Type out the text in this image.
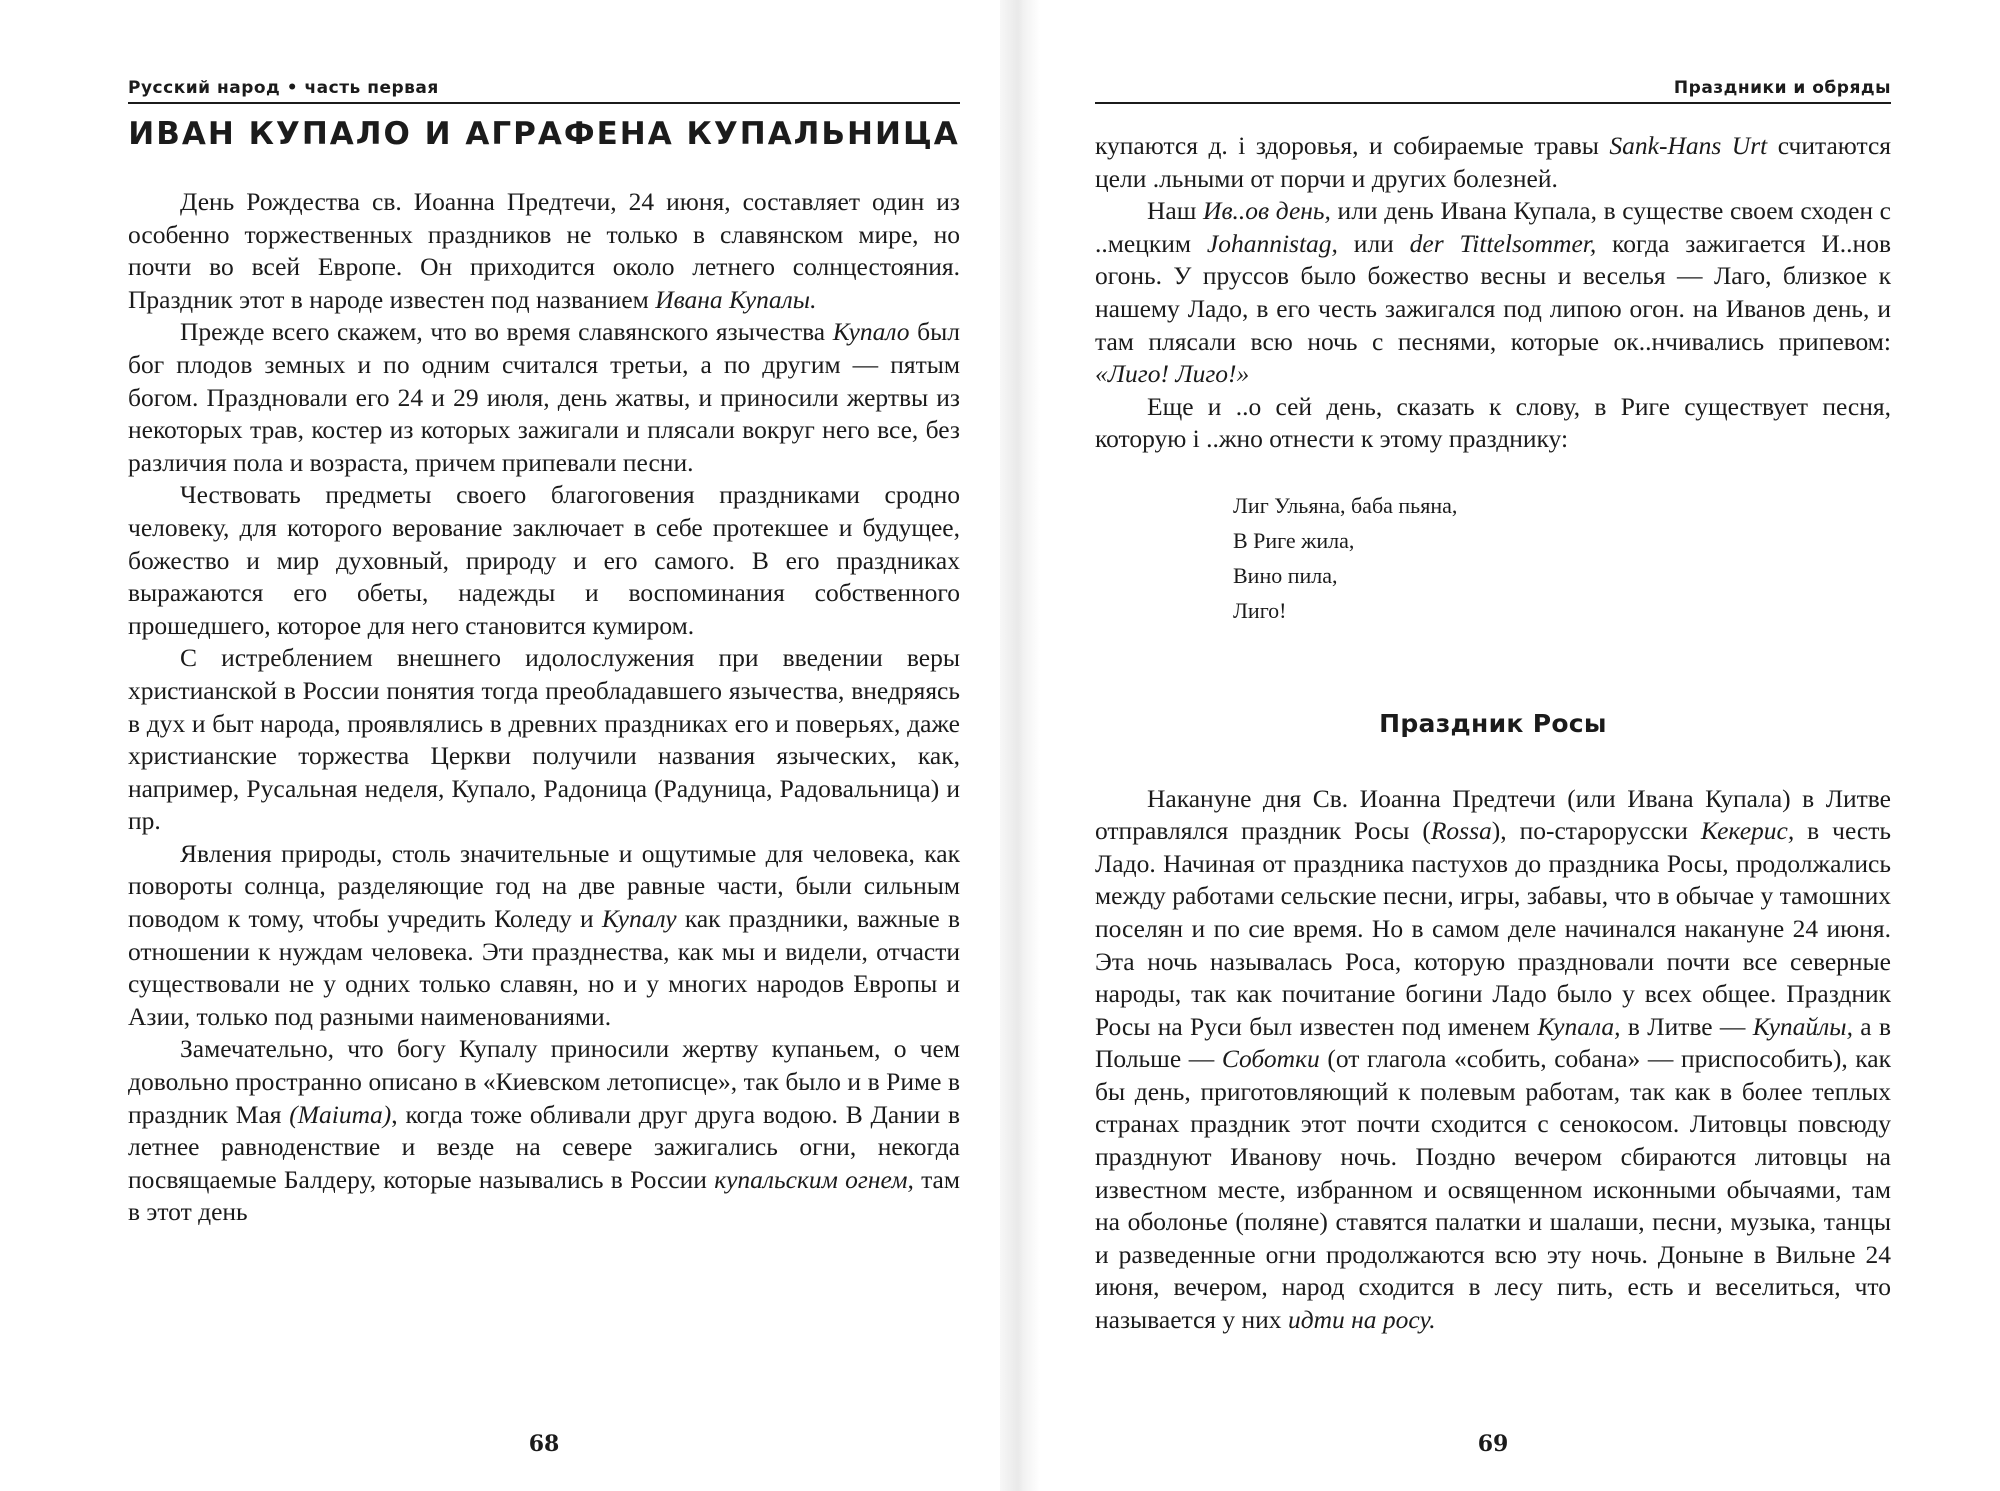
Русский народ • часть первая
ИВАН КУПАЛО И АГРАФЕНА КУПАЛЬНИЦА

День Рождества св. Иоанна Предтечи, 24 июня, составляет один из особенно торжественных праздников не только в славянском мире, но почти во всей Европе. Он приходится около летнего солнцестояния. Праздник этот в народе известен под названием Ивана Купалы.

Прежде всего скажем, что во время славянского язычества Купало был бог плодов земных и по одним считался третьи, а по другим — пятым богом. Праздновали его 24 и 29 июля, день жатвы, и приносили жертвы из некоторых трав, костер из которых зажигали и плясали вокруг него все, без различия пола и возраста, причем припевали песни.

Чествовать предметы своего благоговения праздниками сродно человеку, для которого верование заключает в себе протекшее и будущее, божество и мир духовный, природу и его самого. В его праздниках выражаются его обеты, надежды и воспоминания собственного прошедшего, которое для него становится кумиром.

С истреблением внешнего идолослужения при введении веры христианской в России понятия тогда преобладавшего язычества, внедряясь в дух и быт народа, проявлялись в древних праздниках его и поверьях, даже христианские торжества Церкви получили названия языческих, как, например, Русальная неделя, Купало, Радоница (Радуница, Радовальница) и пр.

Явления природы, столь значительные и ощутимые для человека, как повороты солнца, разделяющие год на две равные части, были сильным поводом к тому, чтобы учредить Коледу и Купалу как праздники, важные в отношении к нуждам человека. Эти празднества, как мы и видели, отчасти существовали не у одних только славян, но и у многих народов Европы и Азии, только под разными наименованиями.

Замечательно, что богу Купалу приносили жертву купаньем, о чем довольно пространно описано в «Киевском летописце», так было и в Риме в праздник Мая (Maiuma), когда тоже обливали друг друга водою. В Дании в летнее равноденствие и везде на севере зажигались огни, некогда посвящаемые Балдеру, которые назывались в России купальским огнем, там в этот день

68
Праздники и обряды

купаются д. і здоровья, и собираемые травы Sank-Hans Urt считаются цели .льными от порчи и других болезней.

Наш Ив..ов день, или день Ивана Купала, в существе своем сходен с ..мецким Johannistag, или der Tittelsommer, когда зажигается И..нов огонь. У пруссов было божество весны и веселья — Лаго, близкое к нашему Ладо, в его честь зажигался под липою огон. на Иванов день, и там плясали всю ночь с песнями, которые ок..нчивались припевом: «Лиго! Лиго!»

Еще и ..о сей день, сказать к слову, в Риге существует песня, которую і ..жно отнести к этому празднику:

Лиг Ульяна, баба пьяна,
В Риге жила,
Вино пила,
Лиго!
Праздник Росы

Накануне дня Св. Иоанна Предтечи (или Ивана Купала) в Литве отправлялся праздник Росы (Rossa), по-старорусски Кекерис, в честь Ладо. Начиная от праздника пастухов до праздника Росы, продолжались между работами сельские песни, игры, забавы, что в обычае у тамошних поселян и по сие время. Но в самом деле начинался накануне 24 июня. Эта ночь называлась Роса, которую праздновали почти все северные народы, так как почитание богини Ладо было у всех общее. Праздник Росы на Руси был известен под именем Купала, в Литве — Купайлы, а в Польше — Соботки (от глагола «собить, собана» — приспособить), как бы день, приготовляющий к полевым работам, так как в более теплых странах праздник этот почти сходится с сенокосом. Литовцы повсюду празднуют Иванову ночь. Поздно вечером сбираются литовцы на известном месте, избранном и освященном исконными обычаями, там на оболонье (поляне) ставятся палатки и шалаши, песни, музыка, танцы и разведенные огни продолжаются всю эту ночь. Доныне в Вильне 24 июня, вечером, народ сходится в лесу пить, есть и веселиться, что называется у них идти на росу.

69
